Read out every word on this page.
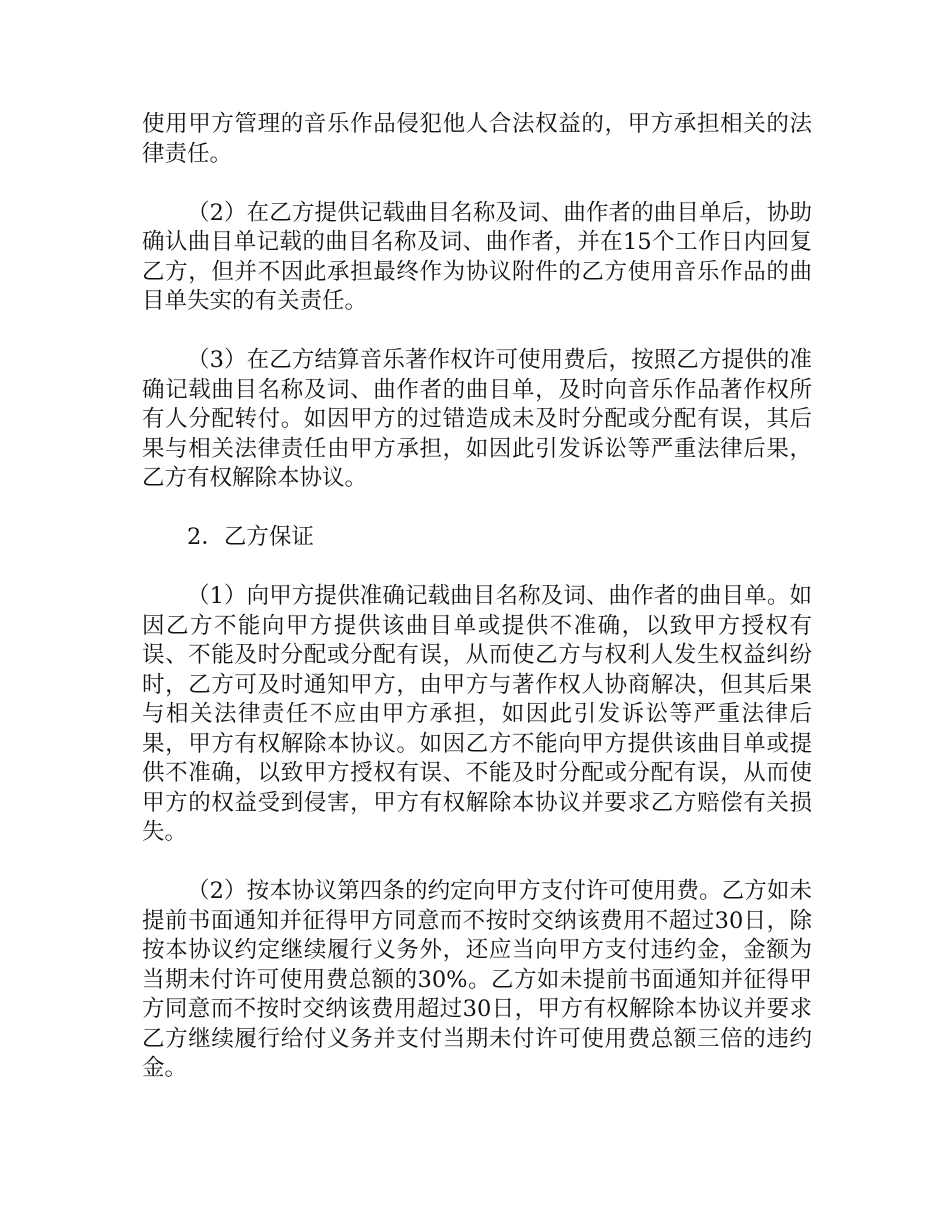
使用甲方管理的音乐作品侵犯他人合法权益的，甲方承担相关的法律责任。

（2）在乙方提供记载曲目名称及词、曲作者的曲目单后，协助确认曲目单记载的曲目名称及词、曲作者，并在15个工作日内回复乙方，但并不因此承担最终作为协议附件的乙方使用音乐作品的曲目单失实的有关责任。

（3）在乙方结算音乐著作权许可使用费后，按照乙方提供的准确记载曲目名称及词、曲作者的曲目单，及时向音乐作品著作权所有人分配转付。如因甲方的过错造成未及时分配或分配有误，其后果与相关法律责任由甲方承担，如因此引发诉讼等严重法律后果，乙方有权解除本协议。

2．乙方保证

（1）向甲方提供准确记载曲目名称及词、曲作者的曲目单。如因乙方不能向甲方提供该曲目单或提供不准确，以致甲方授权有误、不能及时分配或分配有误，从而使乙方与权利人发生权益纠纷时，乙方可及时通知甲方，由甲方与著作权人协商解决，但其后果与相关法律责任不应由甲方承担，如因此引发诉讼等严重法律后果，甲方有权解除本协议。如因乙方不能向甲方提供该曲目单或提供不准确，以致甲方授权有误、不能及时分配或分配有误，从而使甲方的权益受到侵害，甲方有权解除本协议并要求乙方赔偿有关损失。

（2）按本协议第四条的约定向甲方支付许可使用费。乙方如未提前书面通知并征得甲方同意而不按时交纳该费用不超过30日，除按本协议约定继续履行义务外，还应当向甲方支付违约金，金额为当期未付许可使用费总额的30%。乙方如未提前书面通知并征得甲方同意而不按时交纳该费用超过30日，甲方有权解除本协议并要求乙方继续履行给付义务并支付当期未付许可使用费总额三倍的违约金。
